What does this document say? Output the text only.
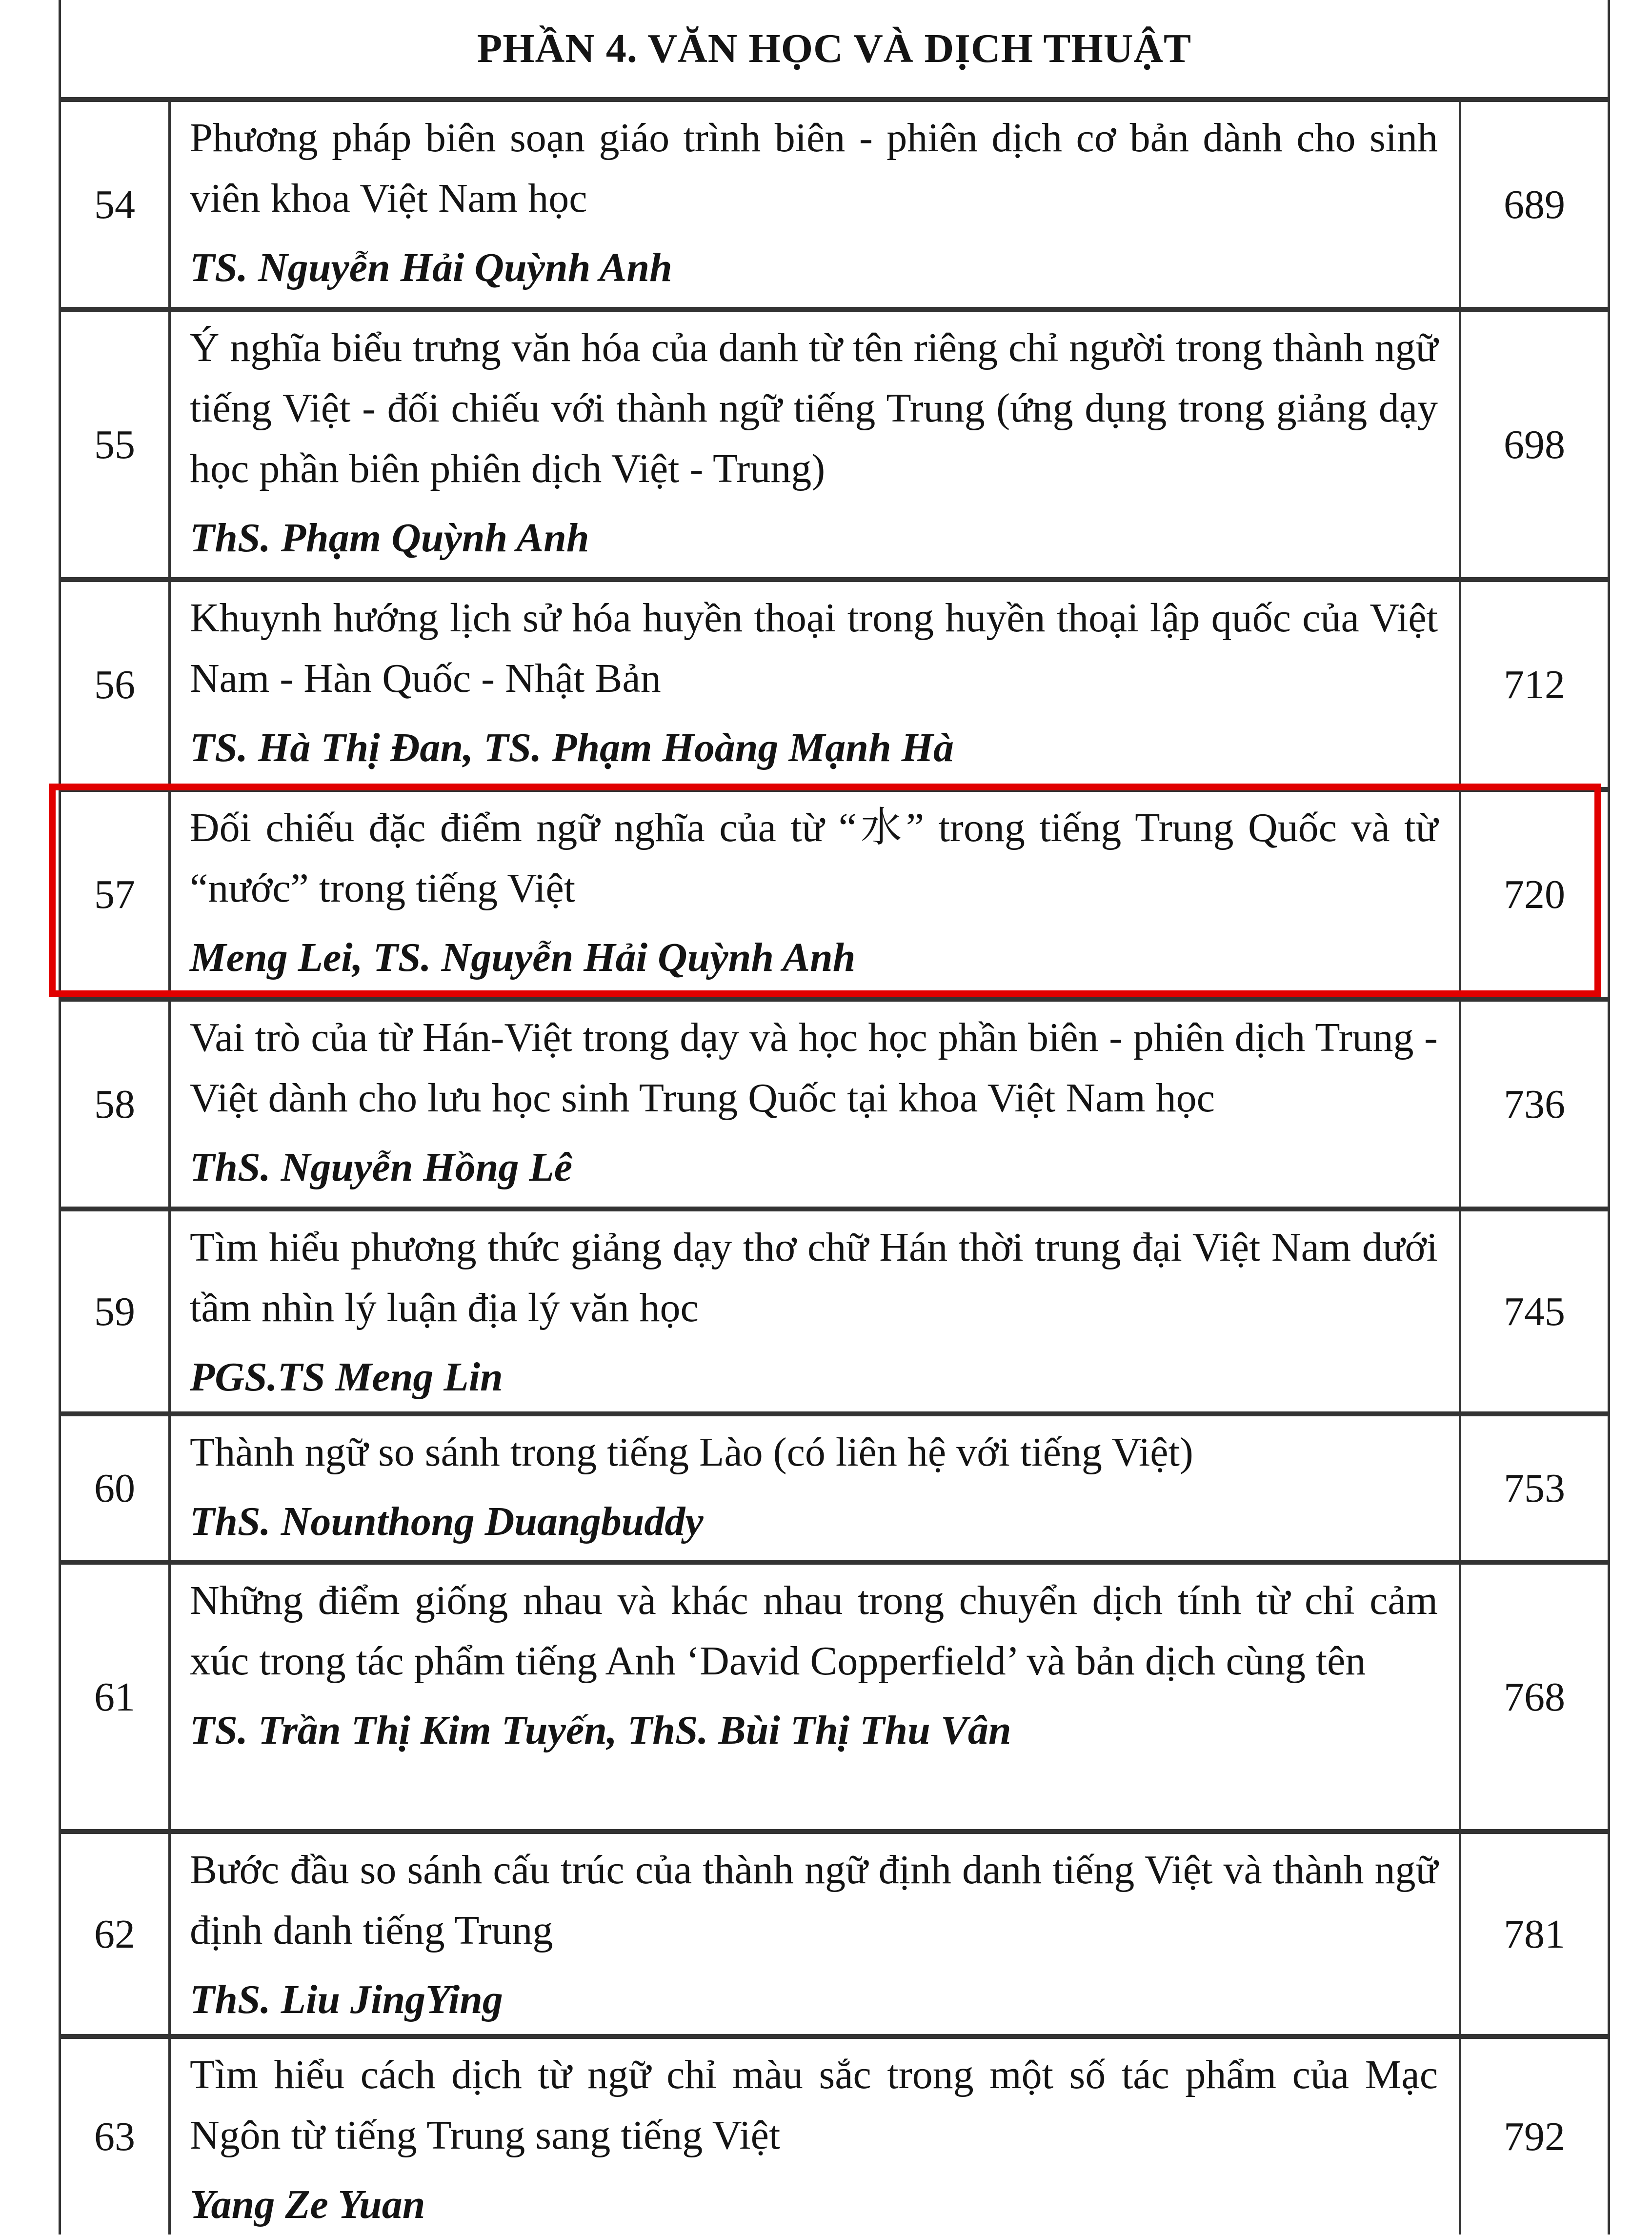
PHẦN 4. VĂN HỌC VÀ DỊCH THUẬT
54
Phương pháp biên soạn giáo trình biên - phiên dịch cơ bản dành cho sinh viên khoa Việt Nam học
TS. Nguyễn Hải Quỳnh Anh
689
55
Ý nghĩa biểu trưng văn hóa của danh từ tên riêng chỉ người trong thành ngữ tiếng Việt - đối chiếu với thành ngữ tiếng Trung (ứng dụng trong giảng dạy học phần biên phiên dịch Việt - Trung)
ThS. Phạm Quỳnh Anh
698
56
Khuynh hướng lịch sử hóa huyền thoại trong huyền thoại lập quốc của Việt Nam - Hàn Quốc - Nhật Bản
TS. Hà Thị Đan, TS. Phạm Hoàng Mạnh Hà
712
57
Đối chiếu đặc điểm ngữ nghĩa của từ “水” trong tiếng Trung Quốc và từ “nước” trong tiếng Việt
Meng Lei, TS. Nguyễn Hải Quỳnh Anh
720
58
Vai trò của từ Hán-Việt trong dạy và học học phần biên - phiên dịch Trung - Việt dành cho lưu học sinh Trung Quốc tại khoa Việt Nam học
ThS. Nguyễn Hồng Lê
736
59
Tìm hiểu phương thức giảng dạy thơ chữ Hán thời trung đại Việt Nam dưới tầm nhìn lý luận địa lý văn học
PGS.TS Meng Lin
745
60
Thành ngữ so sánh trong tiếng Lào (có liên hệ với tiếng Việt)
ThS. Nounthong Duangbuddy
753
61
Những điểm giống nhau và khác nhau trong chuyển dịch tính từ chỉ cảm xúc trong tác phẩm tiếng Anh ‘David Copperfield’ và bản dịch cùng tên
TS. Trần Thị Kim Tuyến, ThS. Bùi Thị Thu Vân
768
62
Bước đầu so sánh cấu trúc của thành ngữ định danh tiếng Việt và thành ngữ định danh tiếng Trung
ThS. Liu JingYing
781
63
Tìm hiểu cách dịch từ ngữ chỉ màu sắc trong một số tác phẩm của Mạc Ngôn từ tiếng Trung sang tiếng Việt
Yang Ze Yuan
792
